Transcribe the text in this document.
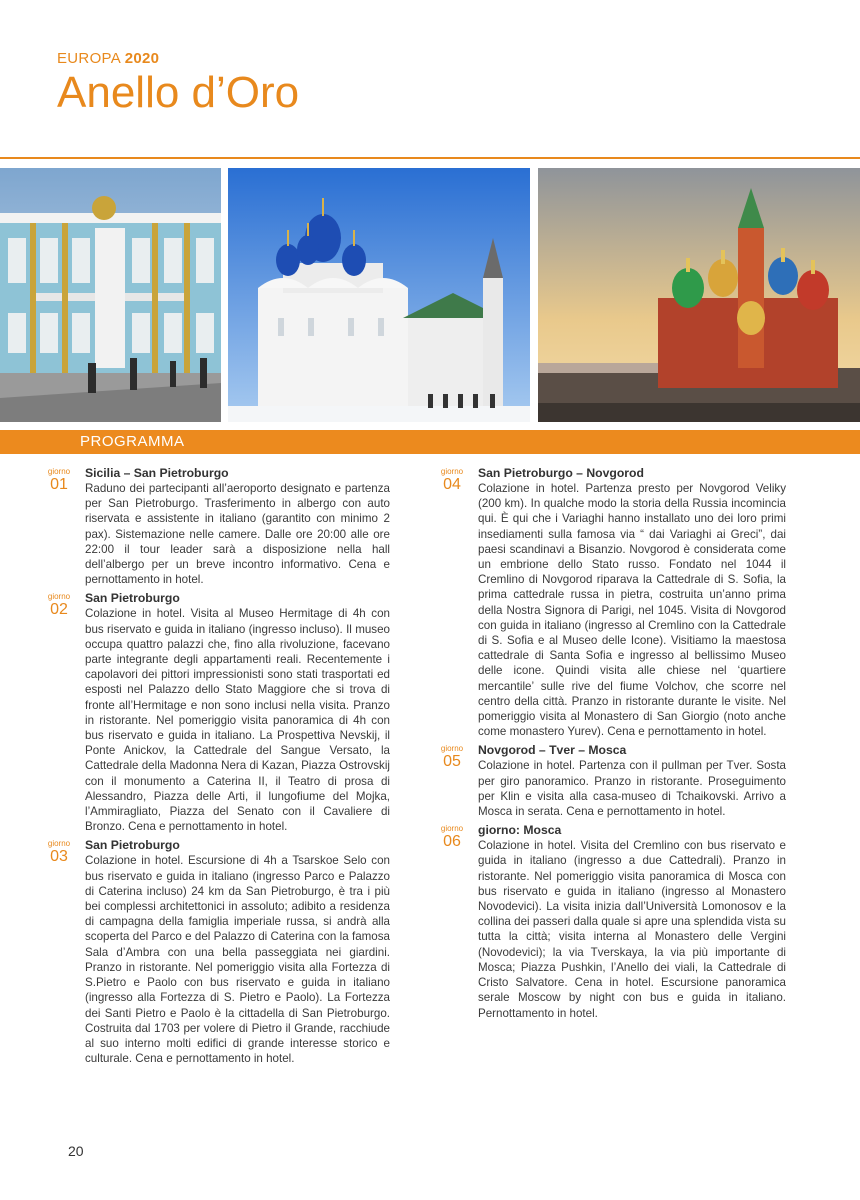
EUROPA 2020
Anello d’Oro
PROGRAMMA
giorno
01
Sicilia – San Pietroburgo
Raduno dei partecipanti all’aeroporto designato e partenza per San Pietroburgo. Trasferimento in albergo con auto riservata e assistente in italiano (garantito con minimo 2 pax). Sistemazione nelle camere. Dalle ore 20:00 alle ore 22:00 il tour leader sarà a disposizione nella hall dell’albergo per un breve incontro informativo. Cena e pernottamento in hotel.
giorno
02
San Pietroburgo
Colazione in hotel. Visita al Museo Hermitage di 4h con bus riservato e guida in italiano (ingresso incluso). Il museo occupa quattro palazzi che, fino alla rivoluzione, facevano parte integrante degli appartamenti reali. Recentemente i capolavori dei pittori impressionisti sono stati trasportati ed esposti nel Palazzo dello Stato Maggiore che si trova di fronte all’Hermitage e non sono inclusi nella visita. Pranzo in ristorante. Nel pomeriggio visita panoramica di 4h con bus riservato e guida in italiano. La Prospettiva Nevskij, il Ponte Anickov, la Cattedrale del Sangue Versato, la Cattedrale della Madonna Nera di Kazan, Piazza Ostrovskij con il monumento a Caterina II, il Teatro di prosa di Alessandro, Piazza delle Arti, il lungofiume del Mojka, l’Ammiragliato, Piazza del Senato con il Cavaliere di Bronzo. Cena e pernottamento in hotel.
giorno
03
San Pietroburgo
Colazione in hotel. Escursione di 4h a Tsarskoe Selo con bus riservato e guida in italiano (ingresso Parco e Palazzo di Caterina incluso) 24 km da San Pietroburgo, è tra i più bei complessi architettonici in assoluto; adibito a residenza di campagna della famiglia imperiale russa, si andrà alla scoperta del Parco e del Palazzo di Caterina con la famosa Sala d’Ambra con una bella passeggiata nei giardini. Pranzo in ristorante. Nel pomeriggio visita alla Fortezza di S.Pietro e Paolo con bus riservato e guida in italiano (ingresso alla Fortezza di S. Pietro e Paolo). La Fortezza dei Santi Pietro e Paolo è la cittadella di San Pietroburgo. Costruita dal 1703 per volere di Pietro il Grande, racchiude al suo interno molti edifici di grande interesse storico e culturale. Cena e pernottamento in hotel.
giorno
04
San Pietroburgo – Novgorod
Colazione in hotel. Partenza presto per Novgorod Veliky (200 km). In qualche modo la storia della Russia incomincia qui. È qui che i Variaghi hanno installato uno dei loro primi insediamenti sulla famosa via “ dai Variaghi ai Greci”, dai paesi scandinavi a Bisanzio. Novgorod è considerata come un embrione dello Stato russo. Fondato nel 1044 il Cremlino di Novgorod riparava la Cattedrale di S. Sofia, la prima cattedrale russa in pietra, costruita un’anno prima della Nostra Signora di Parigi, nel 1045. Visita di Novgorod con guida in italiano (ingresso al Cremlino con la Cattedrale di S. Sofia e al Museo delle Icone). Visitiamo la maestosa cattedrale di Santa Sofia e ingresso al bellissimo Museo delle icone. Quindi visita alle chiese nel ‘quartiere mercantile’ sulle rive del fiume Volchov, che scorre nel centro della città. Pranzo in ristorante durante le visite. Nel pomeriggio visita al Monastero di San Giorgio (noto anche come monastero Yurev). Cena e pernottamento in hotel.
giorno
05
Novgorod – Tver – Mosca
Colazione in hotel. Partenza con il pullman per Tver. Sosta per giro panoramico. Pranzo in ristorante. Proseguimento per Klin e visita alla casa-museo di Tchaikovski. Arrivo a Mosca in serata. Cena e pernottamento in hotel.
giorno
06
giorno: Mosca
Colazione in hotel. Visita del Cremlino con bus riservato e guida in italiano (ingresso a due Cattedrali). Pranzo in ristorante. Nel pomeriggio visita panoramica di Mosca con bus riservato e guida in italiano (ingresso al Monastero Novodevici). La visita inizia dall’Università Lomonosov e la collina dei passeri dalla quale si apre una splendida vista su tutta la città; visita interna al Monastero delle Vergini (Novodevici); la via Tverskaya, la via più importante di Mosca; Piazza Pushkin, l’Anello dei viali, la Cattedrale di Cristo Salvatore. Cena in hotel. Escursione panoramica serale Moscow by night con bus e guida in italiano. Pernottamento in hotel.
20
